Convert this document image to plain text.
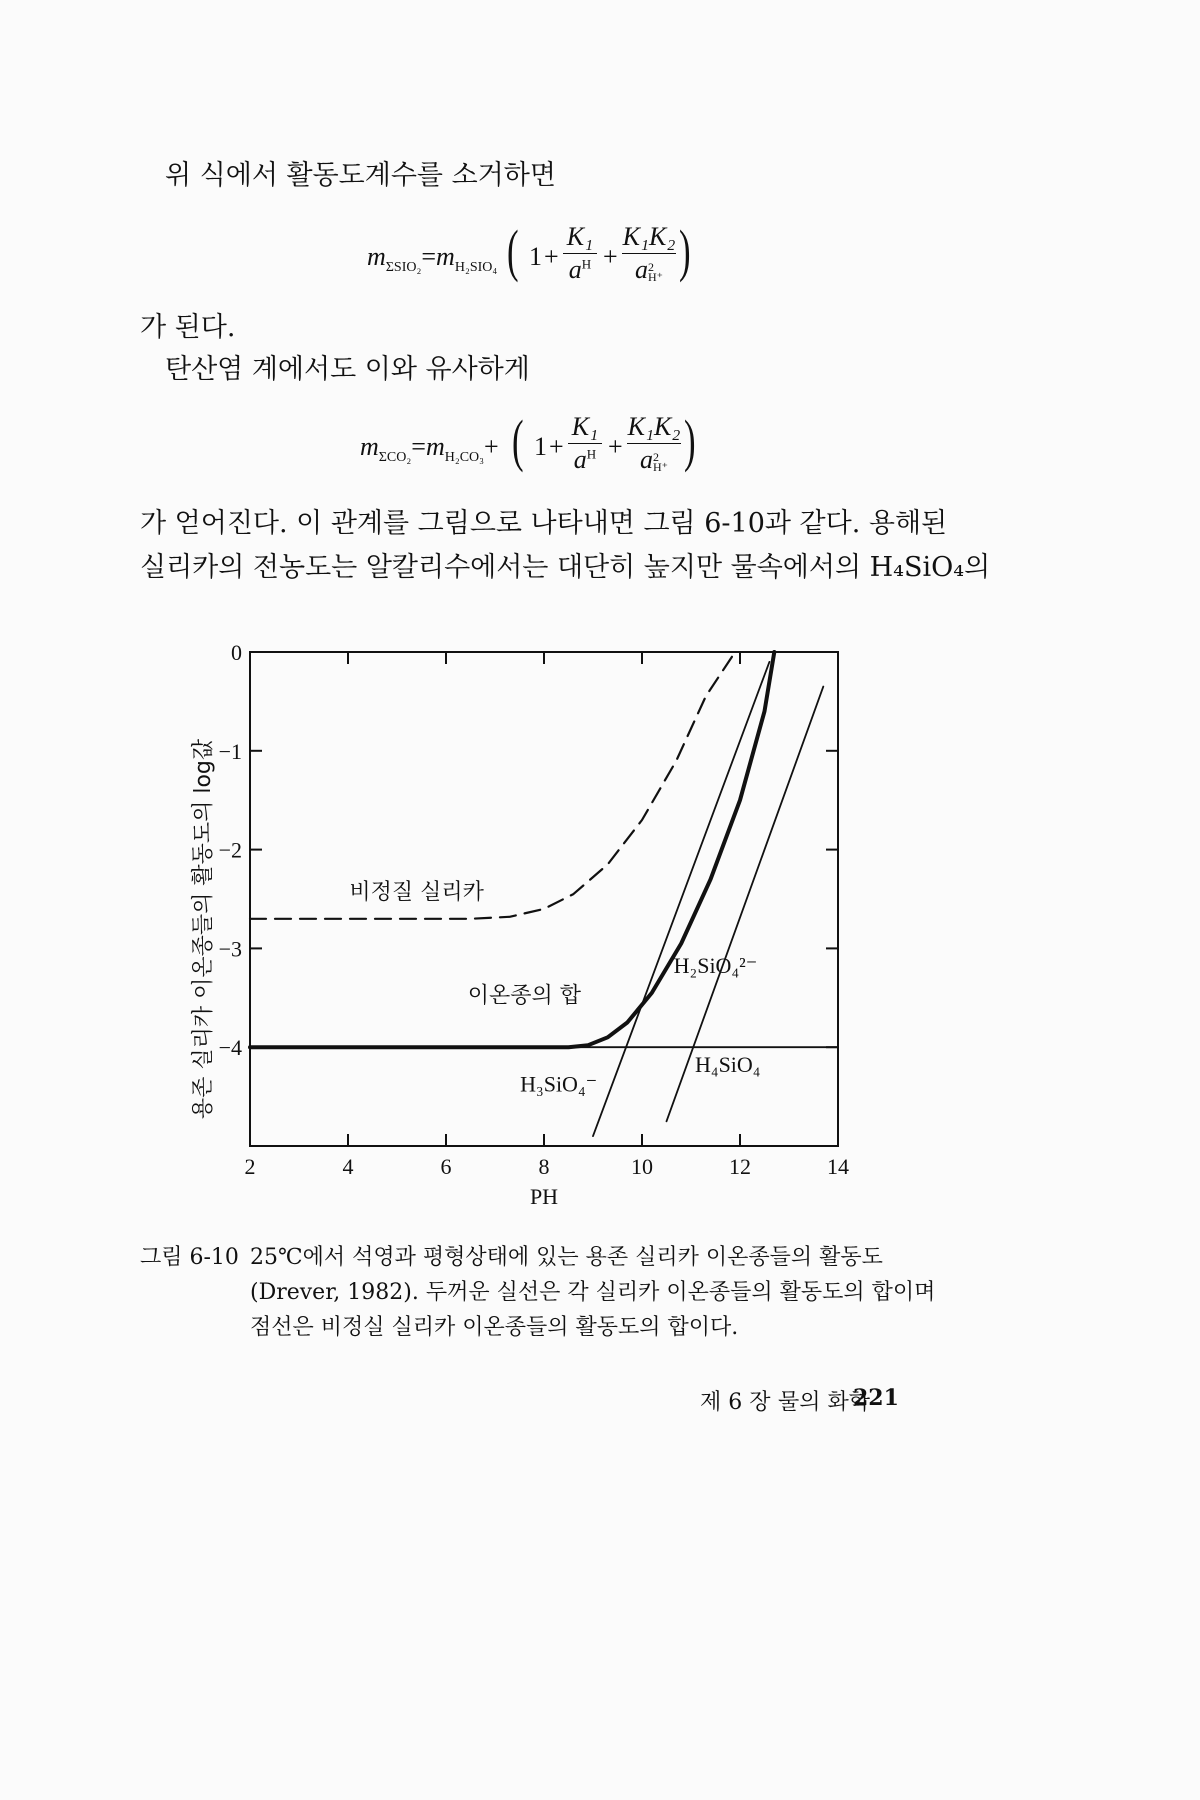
위 식에서 활동도계수를 소거하면
$m_{\Sigma SIO_2}=m_{H_2SIO_4}$ ( 1 +
K₁
$a^H$ +
K₁K₂
a2
H⁺ )
가 된다.
탄산염 계에서도 이와 유사하게
$m_{\Sigma CO_2}=m_{H_2CO_3}+$ ( 1 +
K₁
$a^H$ +
K₁K₂
a2
H⁺ )
가 얻어진다. 이 관계를 그림으로 나타내면 그림 6-10과 같다. 용해된
실리카의 전농도는 알칼리수에서는 대단히 높지만 물속에서의 H₄SiO₄의
2	4	6	8	10	12	14
0
−1
−2
−3
−4
PH
용존 실리카 이온종들의 활동도의 log값	비정질 실리카
이온종의 합
H₂SiO₄²⁻
H₄SiO₄
H₃SiO₄⁻
그림 6-10 25℃에서 석영과 평형상태에 있는 용존 실리카 이온종들의 활동도
(Drever, 1982). 두꺼운 실선은 각 실리카 이온종들의 활동도의 합이며
점선은 비정실 실리카 이온종들의 활동도의 합이다.
제 6 장 물의 화학
221
